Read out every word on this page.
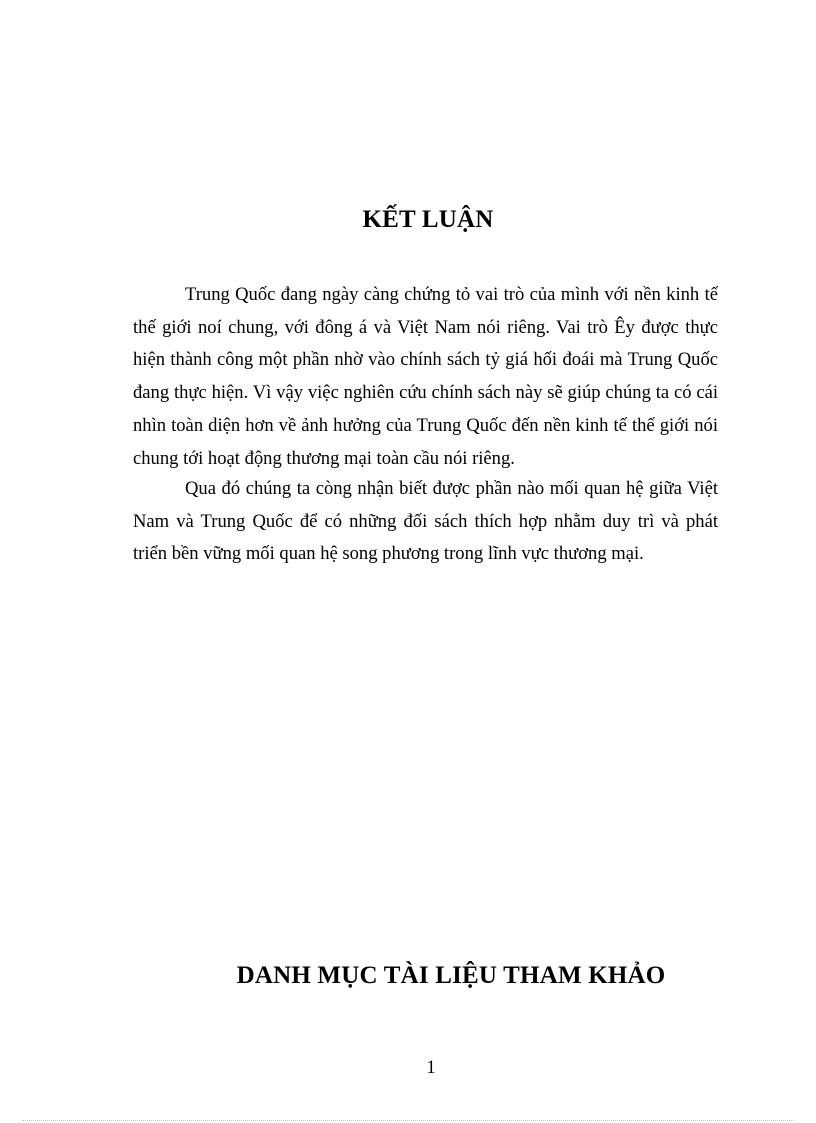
KẾT LUẬN

Trung Quốc đang ngày càng chứng tỏ vai trò của mình với nền kinh tế thế giới noí chung, với đông á và Việt Nam nói riêng. Vai trò Êy được thực hiện thành công một phần nhờ vào chính sách tỷ giá hối đoái mà Trung Quốc đang thực hiện. Vì vậy việc nghiên cứu chính sách này sẽ giúp chúng ta có cái nhìn toàn diện hơn về ảnh hưởng của Trung Quốc đến nền kinh tế thế giới nói chung tới hoạt động thương mại toàn cầu nói riêng.

Qua đó chúng ta còng nhận biết được phần nào mối quan hệ giữa Việt Nam và Trung Quốc để có những đối sách thích hợp nhằm duy trì và phát triển bền vững mối quan hệ song phương trong lĩnh vực thương mại.

DANH MỤC TÀI LIỆU THAM KHẢO
1
